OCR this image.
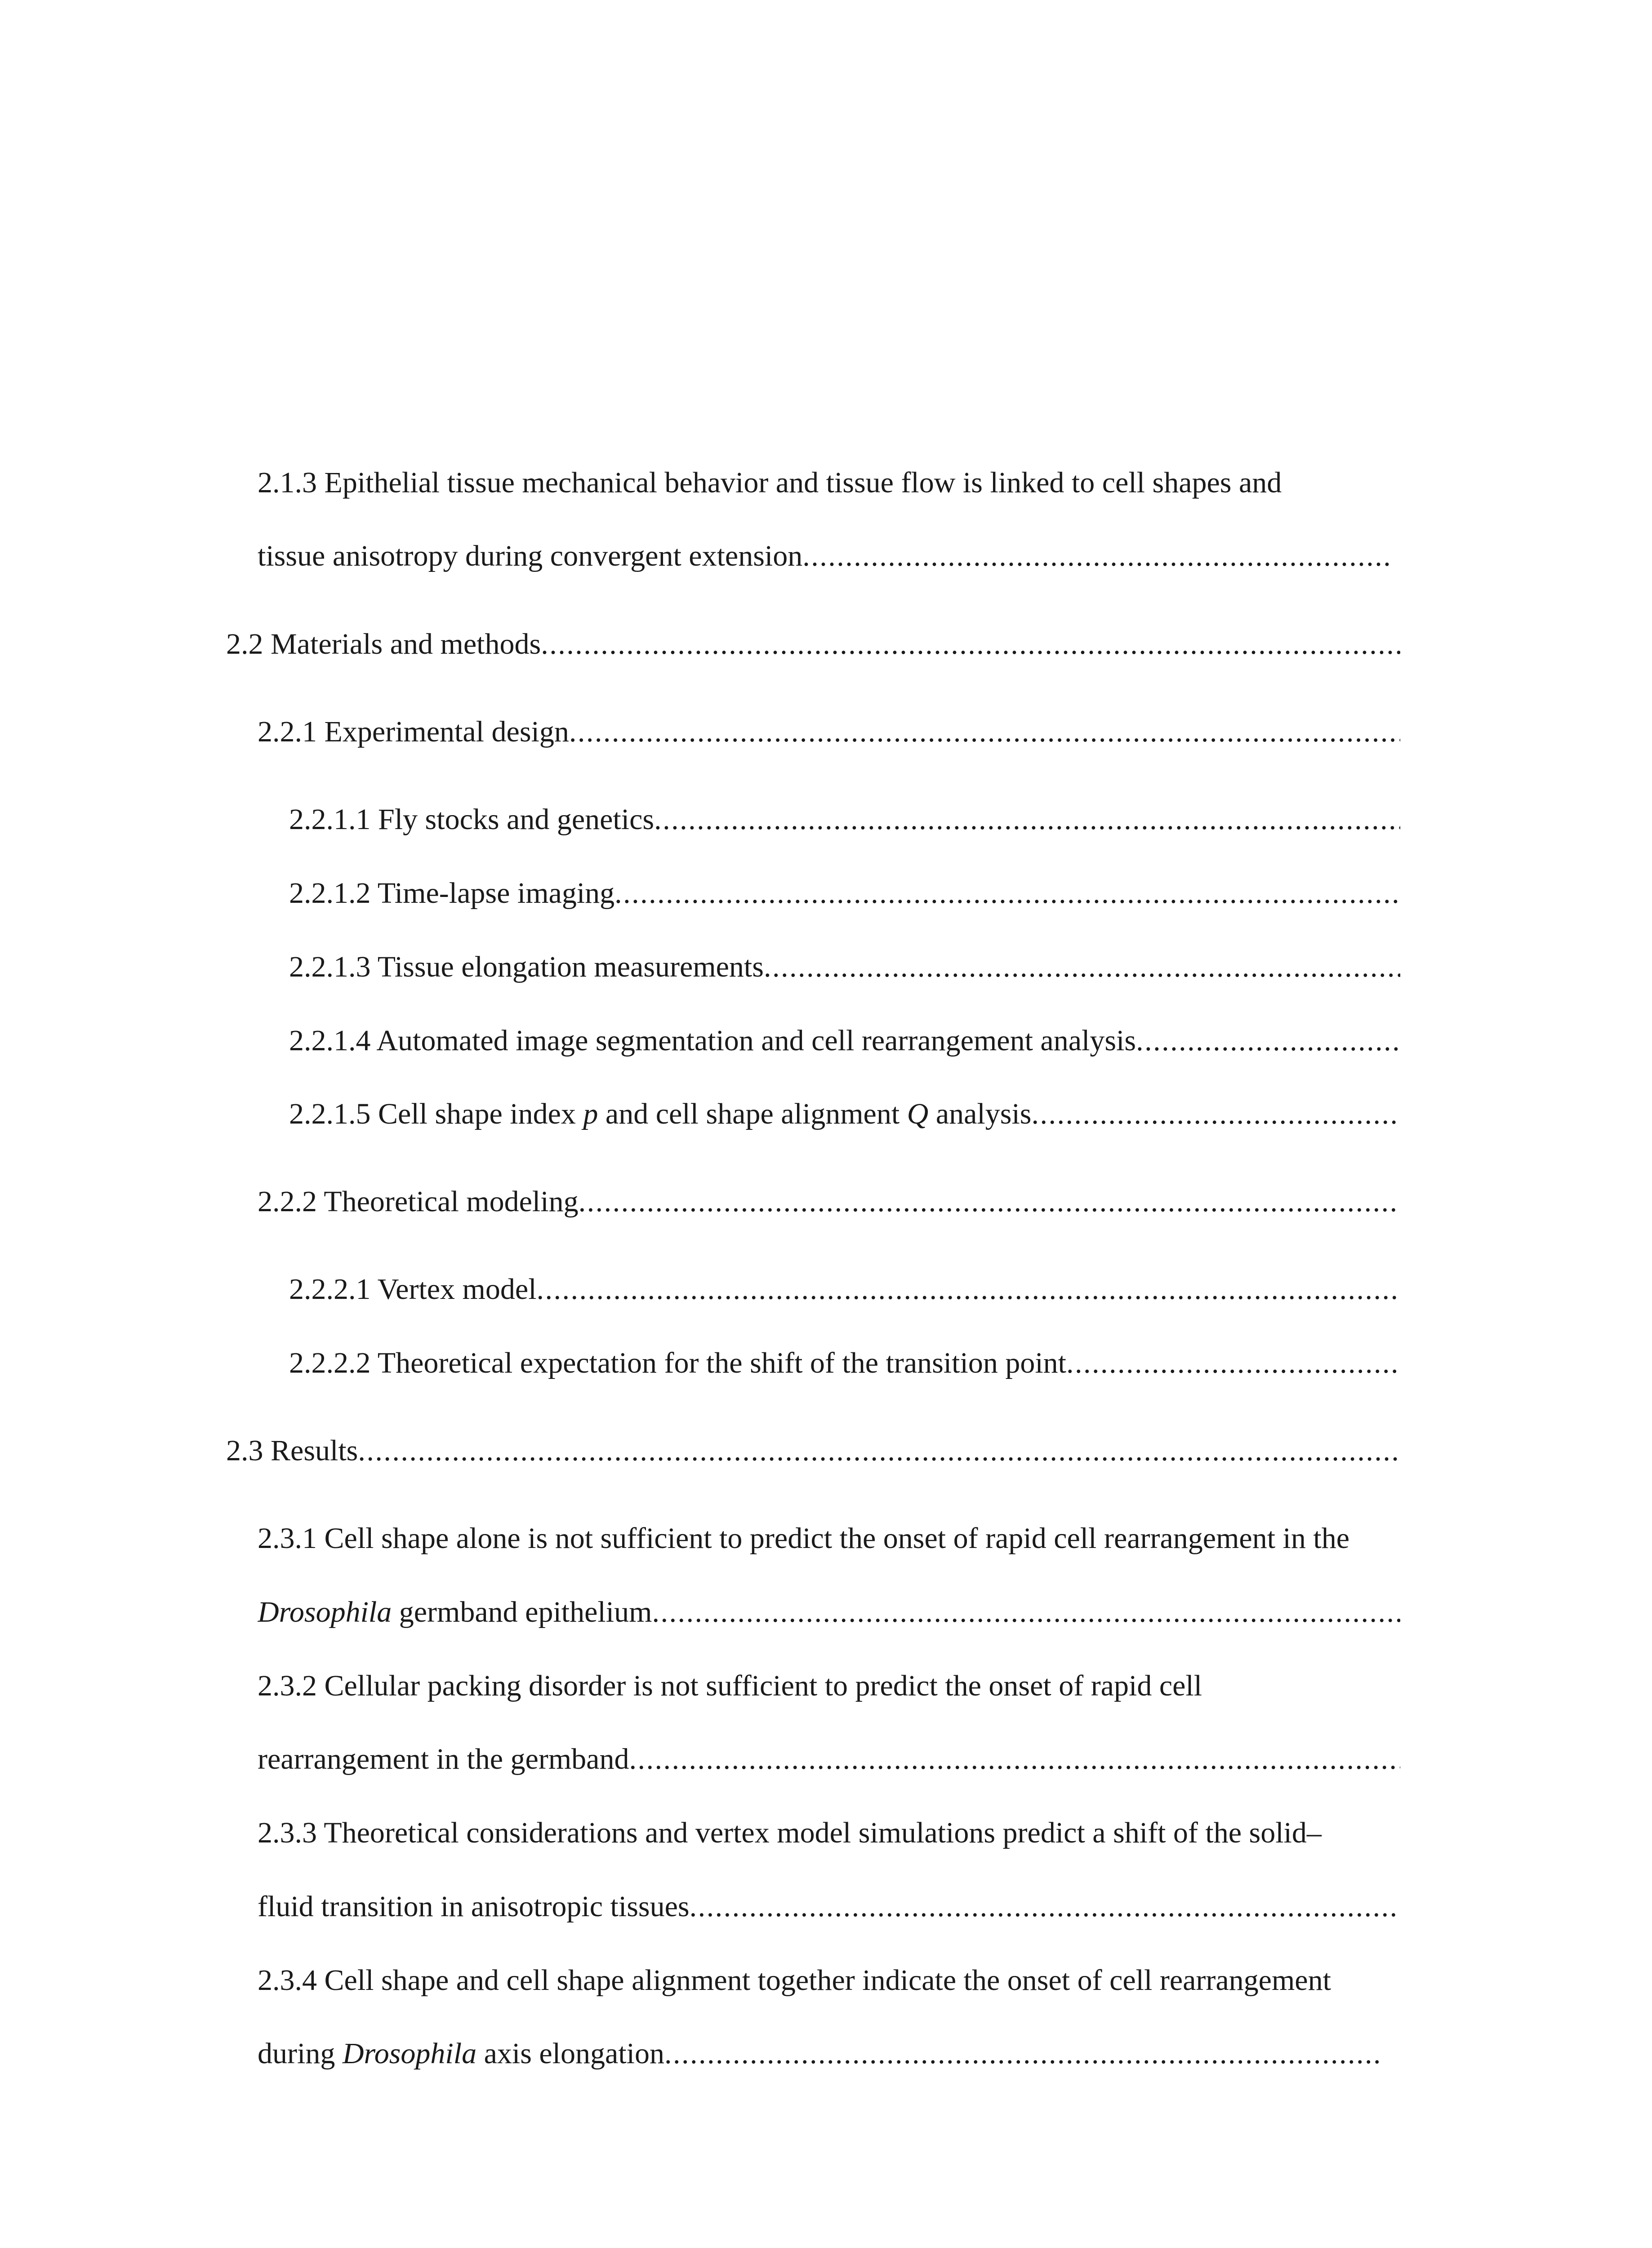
2.1.3 Epithelial tissue mechanical behavior and tissue flow is linked to cell shapes and
tissue anisotropy during convergent extension
. . .
2.2 Materials and methods
. . .
2.2.1 Experimental design
. . .
2.2.1.1 Fly stocks and genetics
. . .
2.2.1.2 Time-lapse imaging
. . .
2.2.1.3 Tissue elongation measurements
. . .
2.2.1.4 Automated image segmentation and cell rearrangement analysis
. . .
2.2.1.5 Cell shape index p and cell shape alignment Q analysis
. . .
2.2.2 Theoretical modeling
. . .
2.2.2.1 Vertex model
. . .
2.2.2.2 Theoretical expectation for the shift of the transition point
. . .
2.3 Results
. . .
2.3.1 Cell shape alone is not sufficient to predict the onset of rapid cell rearrangement in the
Drosophila germband epithelium
. . .
2.3.2 Cellular packing disorder is not sufficient to predict the onset of rapid cell
rearrangement in the germband
. . .
2.3.3 Theoretical considerations and vertex model simulations predict a shift of the solid–
fluid transition in anisotropic tissues
. . .
2.3.4 Cell shape and cell shape alignment together indicate the onset of cell rearrangement
during Drosophila axis elongation
. . .
